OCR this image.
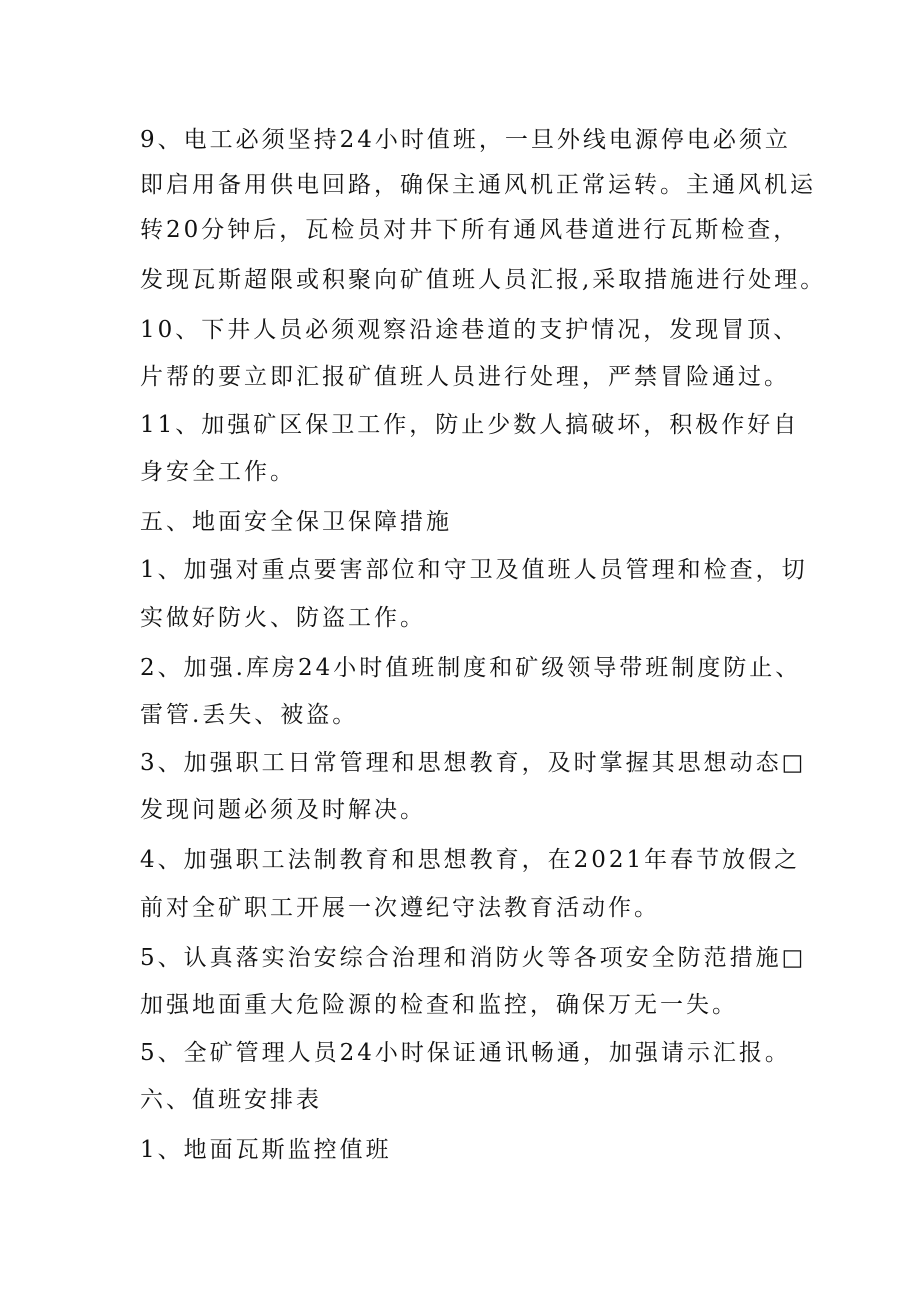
9、电工必须坚持24小时值班，一旦外线电源停电必须立
即启用备用供电回路，确保主通风机正常运转。主通风机运
转20分钟后，瓦检员对井下所有通风巷道进行瓦斯检查，
发现瓦斯超限或积聚向矿值班人员汇报,采取措施进行处理。
10、下井人员必须观察沿途巷道的支护情况，发现冒顶、
片帮的要立即汇报矿值班人员进行处理，严禁冒险通过。
11、加强矿区保卫工作，防止少数人搞破坏，积极作好自
身安全工作。
五、地面安全保卫保障措施
1、加强对重点要害部位和守卫及值班人员管理和检查，切
实做好防火、防盗工作。
2、加强.库房24小时值班制度和矿级领导带班制度防止、
雷管.丢失、被盗。
3、加强职工日常管理和思想教育，及时掌握其思想动态□
发现问题必须及时解决。
4、加强职工法制教育和思想教育，在2021年春节放假之
前对全矿职工开展一次遵纪守法教育活动作。
5、认真落实治安综合治理和消防火等各项安全防范措施□
加强地面重大危险源的检查和监控，确保万无一失。
5、全矿管理人员24小时保证通讯畅通，加强请示汇报。
六、值班安排表
1、地面瓦斯监控值班
